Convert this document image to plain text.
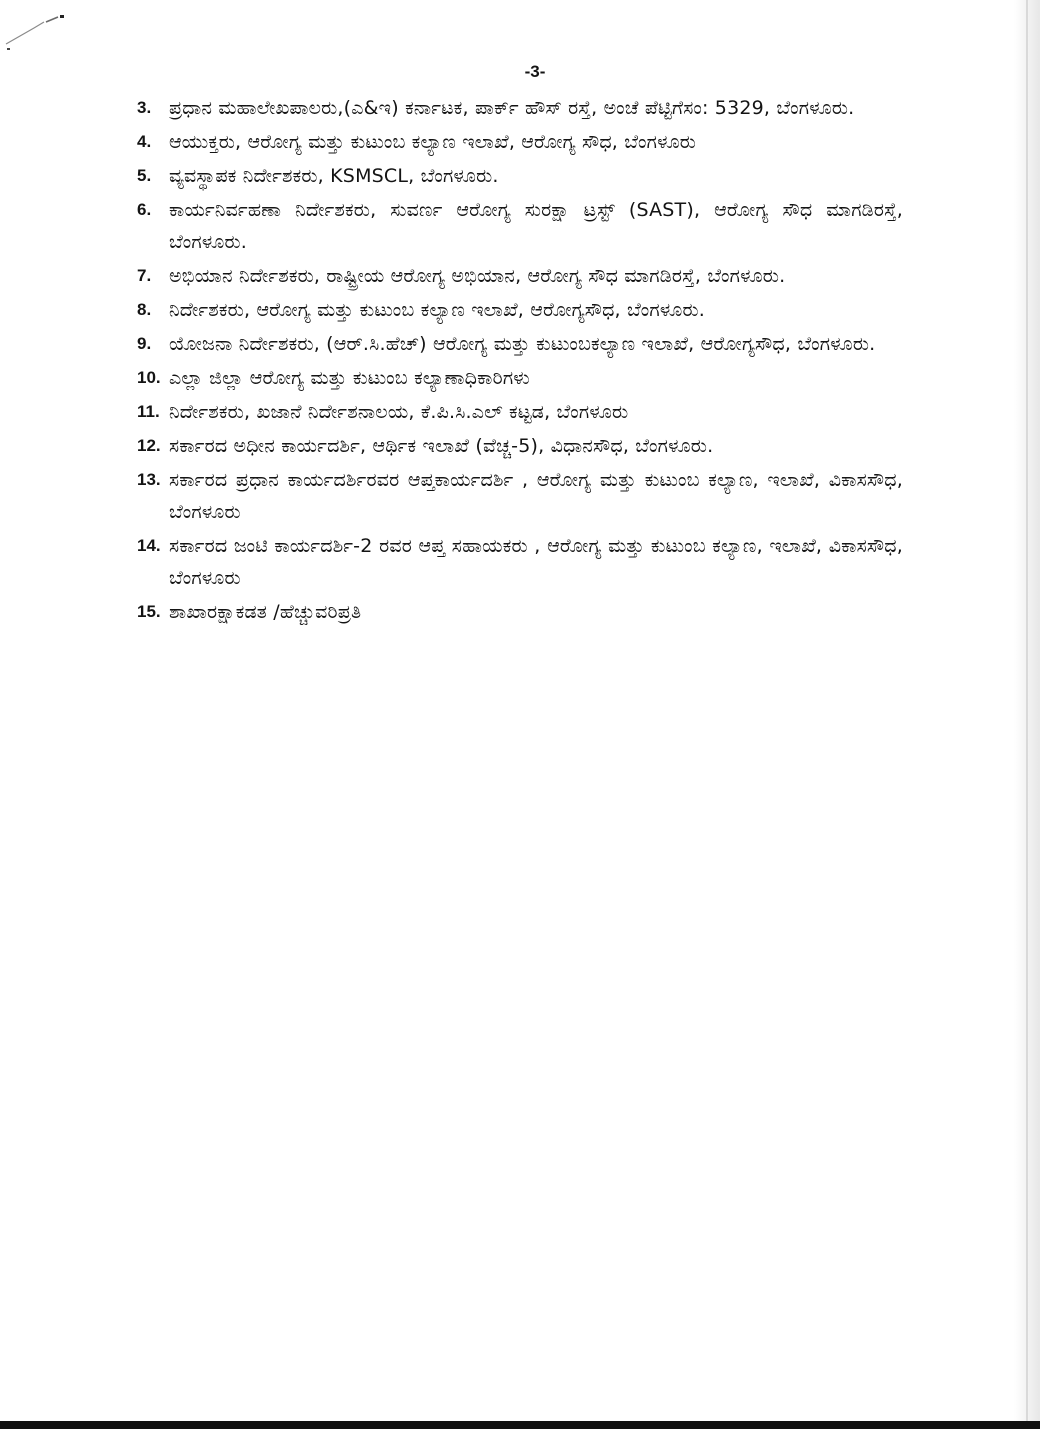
-3-
3. ಪ್ರಧಾನ ಮಹಾಲೇಖಪಾಲರು,(ಎ&ಇ) ಕರ್ನಾಟಕ, ಪಾರ್ಕ್ ಹೌಸ್ ರಸ್ತೆ, ಅಂಚೆ ಪೆಟ್ಟಿಗೆಸಂ: 5329, ಬೆಂಗಳೂರು.
4. ಆಯುಕ್ತರು, ಆರೋಗ್ಯ ಮತ್ತು ಕುಟುಂಬ ಕಲ್ಯಾಣ ಇಲಾಖೆ, ಆರೋಗ್ಯ ಸೌಧ, ಬೆಂಗಳೂರು
5. ವ್ಯವಸ್ಥಾಪಕ ನಿರ್ದೇಶಕರು, KSMSCL, ಬೆಂಗಳೂರು.
6. ಕಾರ್ಯನಿರ್ವಹಣಾ ನಿರ್ದೇಶಕರು, ಸುವರ್ಣ ಆರೋಗ್ಯ ಸುರಕ್ಷಾ ಟ್ರಸ್ಟ್ (SAST), ಆರೋಗ್ಯ ಸೌಧ ಮಾಗಡಿರಸ್ತೆ, ಬೆಂಗಳೂರು.
7. ಅಭಿಯಾನ ನಿರ್ದೇಶಕರು, ರಾಷ್ಟ್ರೀಯ ಆರೋಗ್ಯ ಅಭಿಯಾನ, ಆರೋಗ್ಯ ಸೌಧ ಮಾಗಡಿರಸ್ತೆ, ಬೆಂಗಳೂರು.
8. ನಿರ್ದೇಶಕರು, ಆರೋಗ್ಯ ಮತ್ತು ಕುಟುಂಬ ಕಲ್ಯಾಣ ಇಲಾಖೆ, ಆರೋಗ್ಯಸೌಧ, ಬೆಂಗಳೂರು.
9. ಯೋಜನಾ ನಿರ್ದೇಶಕರು, (ಆರ್.ಸಿ.ಹೆಚ್) ಆರೋಗ್ಯ ಮತ್ತು ಕುಟುಂಬಕಲ್ಯಾಣ ಇಲಾಖೆ, ಆರೋಗ್ಯಸೌಧ, ಬೆಂಗಳೂರು.
10. ಎಲ್ಲಾ ಜಿಲ್ಲಾ ಆರೋಗ್ಯ ಮತ್ತು ಕುಟುಂಬ ಕಲ್ಯಾಣಾಧಿಕಾರಿಗಳು
11. ನಿರ್ದೇಶಕರು, ಖಜಾನೆ ನಿರ್ದೇಶನಾಲಯ, ಕೆ.ಪಿ.ಸಿ.ಎಲ್ ಕಟ್ಟಡ, ಬೆಂಗಳೂರು
12. ಸರ್ಕಾರದ ಅಧೀನ ಕಾರ್ಯದರ್ಶಿ, ಆರ್ಥಿಕ ಇಲಾಖೆ (ವೆಚ್ಚ-5), ವಿಧಾನಸೌಧ, ಬೆಂಗಳೂರು.
13. ಸರ್ಕಾರದ ಪ್ರಧಾನ ಕಾರ್ಯದರ್ಶಿರವರ ಆಪ್ತಕಾರ್ಯದರ್ಶಿ , ಆರೋಗ್ಯ ಮತ್ತು ಕುಟುಂಬ ಕಲ್ಯಾಣ, ಇಲಾಖೆ, ವಿಕಾಸಸೌಧ, ಬೆಂಗಳೂರು
14. ಸರ್ಕಾರದ ಜಂಟಿ ಕಾರ್ಯದರ್ಶಿ-2 ರವರ ಆಪ್ತ ಸಹಾಯಕರು , ಆರೋಗ್ಯ ಮತ್ತು ಕುಟುಂಬ ಕಲ್ಯಾಣ, ಇಲಾಖೆ, ವಿಕಾಸಸೌಧ, ಬೆಂಗಳೂರು
15. ಶಾಖಾರಕ್ಷಾಕಡತ /ಹೆಚ್ಚುವರಿಪ್ರತಿ
